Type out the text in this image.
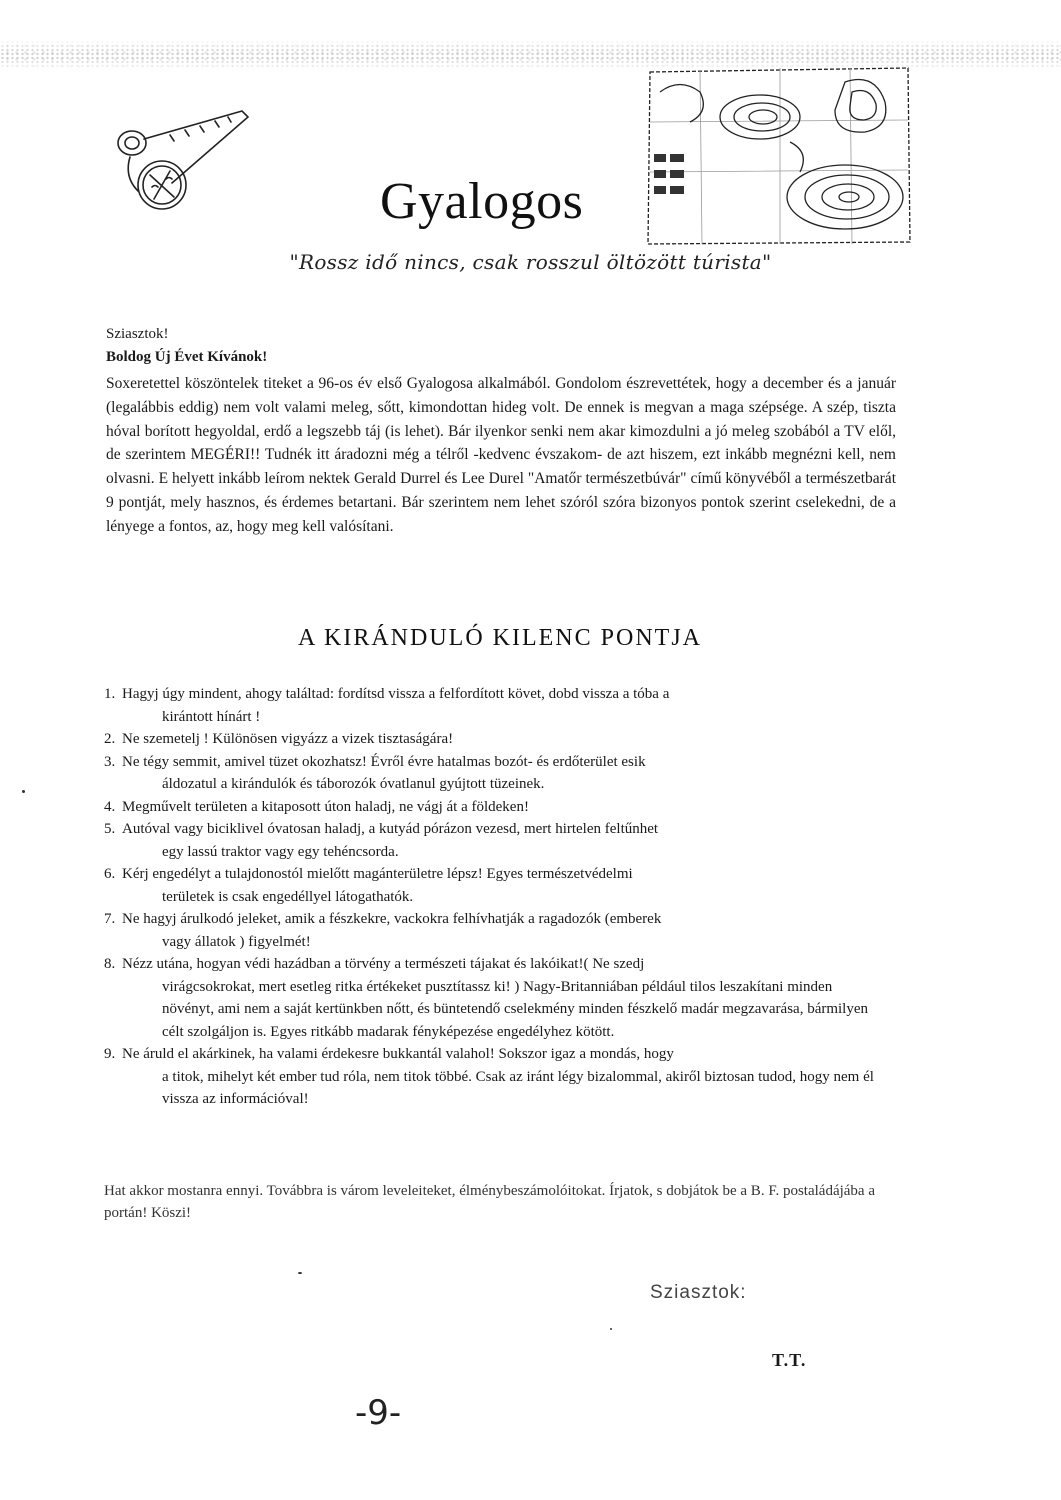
Gyalogos
"Rossz idő nincs, csak rosszul öltözött túrista"
Sziasztok!
Boldog Új Évet Kívánok!
Soxeretettel köszöntelek titeket a 96-os év első Gyalogosa alkalmából. Gondolom észrevettétek, hogy a december és a január (legalábbis eddig) nem volt valami meleg, sőtt, kimondottan hideg volt. De ennek is megvan a maga szépsége. A szép, tiszta hóval borított hegyoldal, erdő a legszebb táj (is lehet). Bár ilyenkor senki nem akar kimozdulni a jó meleg szobából a TV elől, de szerintem MEGÉRI!! Tudnék itt áradozni még a télről -kedvenc évszakom- de azt hiszem, ezt inkább megnézni kell, nem olvasni. E helyett inkább leírom nektek Gerald Durrel és Lee Durel "Amatőr természetbúvár" című könyvéből a természetbarát 9 pontját, mely hasznos, és érdemes betartani. Bár szerintem nem lehet szóról szóra bizonyos pontok szerint cselekedni, de a lényege a fontos, az, hogy meg kell valósítani.
A KIRÁNDULÓ KILENC PONTJA
1. Hagyj úgy mindent, ahogy találtad: fordítsd vissza a felfordított követ, dobd vissza a tóba a
kirántott hínárt !
2. Ne szemetelj ! Különösen vigyázz a vizek tisztaságára!
3. Ne tégy semmit, amivel tüzet okozhatsz! Évről évre hatalmas bozót- és erdőterület esik
áldozatul a kirándulók és táborozók óvatlanul gyújtott tüzeinek.
4. Megművelt területen a kitaposott úton haladj, ne vágj át a földeken!
5. Autóval vagy biciklivel óvatosan haladj, a kutyád pórázon vezesd, mert hirtelen feltűnhet
egy lassú traktor vagy egy tehéncsorda.
6. Kérj engedélyt a tulajdonostól mielőtt magánterületre lépsz! Egyes természetvédelmi
területek is csak engedéllyel látogathatók.
7. Ne hagyj árulkodó jeleket, amik a fészkekre, vackokra felhívhatják a ragadozók (emberek
vagy állatok ) figyelmét!
8. Nézz utána, hogyan védi hazádban a törvény a természeti tájakat és lakóikat!( Ne szedj
virágcsokrokat, mert esetleg ritka értékeket pusztítassz ki! ) Nagy-Britanniában például tilos leszakítani minden növényt, ami nem a saját kertünkben nőtt, és büntetendő cselekmény minden fészkelő madár megzavarása, bármilyen célt szolgáljon is. Egyes ritkább madarak fényképezése engedélyhez kötött.
9. Ne áruld el akárkinek, ha valami érdekesre bukkantál valahol! Sokszor igaz a mondás, hogy
a titok, mihelyt két ember tud róla, nem titok többé. Csak az iránt légy bizalommal, akiről biztosan tudod, hogy nem él vissza az információval!
Hat akkor mostanra ennyi. Továbbra is várom leveleiteket, élménybeszámolóitokat. Írjatok, s dobjátok be a B. F. postaládájába a portán! Köszi!
Sziasztok:
T.T.
-9-
